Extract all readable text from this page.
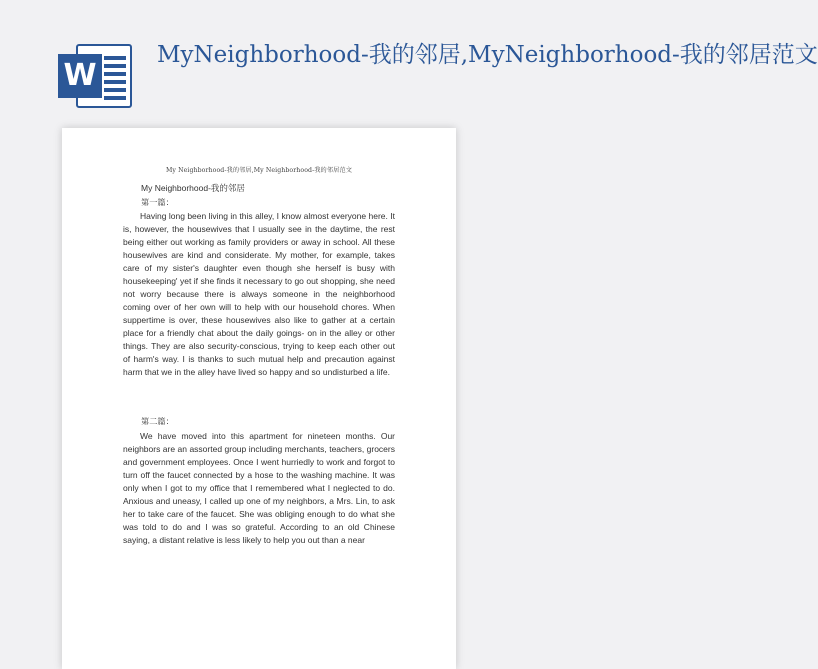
W
MyNeighborhood-我的邻居,MyNeighborhood-我的邻居范文
My Neighborhood-我的邻居,My Neighborhood-我的邻居范文
My Neighborhood-我的邻居
第一篇：

Having long been living in this alley, I know almost everyone here. It is, however, the housewives that I usually see in the daytime, the rest being either out working as family providers or away in school. All these housewives are kind and considerate. My mother, for example, takes care of my sister's daughter even though she herself is busy with housekeeping' yet if she finds it necessary to go out shopping, she need not worry because there is always someone in the neighborhood coming over of her own will to help with our household chores. When suppertime is over, these housewives also like to gather at a certain place for a friendly chat about the daily goings- on in the alley or other things. They are also security-conscious, trying to keep each other out of harm's way. I is thanks to such mutual help and precaution against harm that we in the alley have lived so happy and so undisturbed a life.

第二篇：

We have moved into this apartment for nineteen months. Our neighbors are an assorted group including merchants, teachers, grocers and government employees. Once I went hurriedly to work and forgot to turn off the faucet connected by a hose to the washing machine. It was only when I got to my office that I remembered what I neglected to do. Anxious and uneasy, I called up one of my neighbors, a Mrs. Lin, to ask her to take care of the faucet. She was obliging enough to do what she was told to do and I was so grateful. According to an old Chinese saying, a distant relative is less likely to help you out than a near
